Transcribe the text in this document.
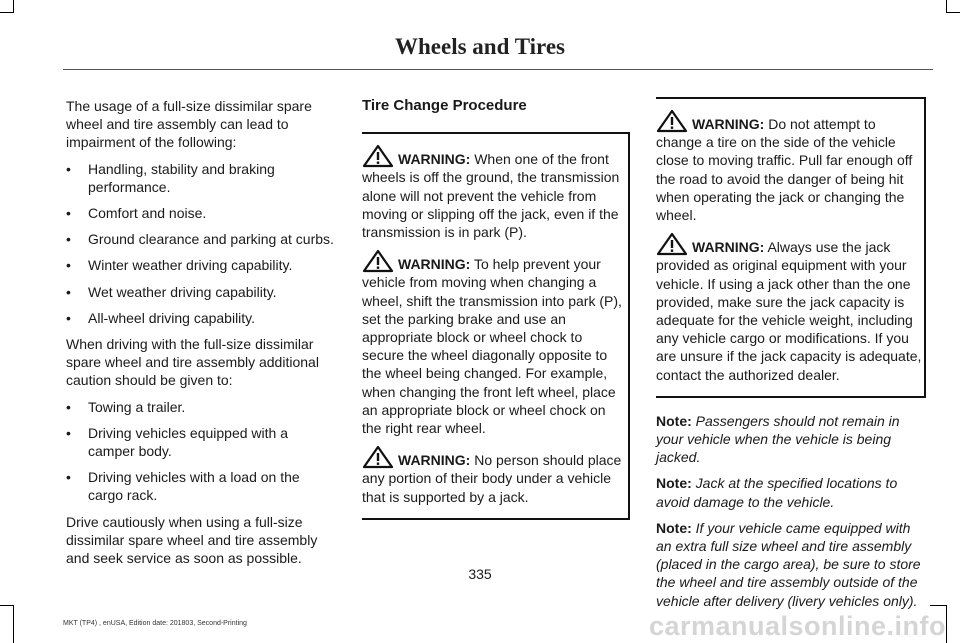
Wheels and Tires

The usage of a full-size dissimilar spare wheel and tire assembly can lead to impairment of the following:

• Handling, stability and braking performance.
• Comfort and noise.
• Ground clearance and parking at curbs.
• Winter weather driving capability.
• Wet weather driving capability.
• All-wheel driving capability.

When driving with the full-size dissimilar spare wheel and tire assembly additional caution should be given to:

• Towing a trailer.
• Driving vehicles equipped with a camper body.
• Driving vehicles with a load on the cargo rack.

Drive cautiously when using a full-size dissimilar spare wheel and tire assembly and seek service as soon as possible.

Tire Change Procedure

WARNING: When one of the front wheels is off the ground, the transmission alone will not prevent the vehicle from moving or slipping off the jack, even if the transmission is in park (P).

WARNING: To help prevent your vehicle from moving when changing a wheel, shift the transmission into park (P), set the parking brake and use an appropriate block or wheel chock to secure the wheel diagonally opposite to the wheel being changed. For example, when changing the front left wheel, place an appropriate block or wheel chock on the right rear wheel.

WARNING: No person should place any portion of their body under a vehicle that is supported by a jack.

WARNING: Do not attempt to change a tire on the side of the vehicle close to moving traffic. Pull far enough off the road to avoid the danger of being hit when operating the jack or changing the wheel.

WARNING: Always use the jack provided as original equipment with your vehicle. If using a jack other than the one provided, make sure the jack capacity is adequate for the vehicle weight, including any vehicle cargo or modifications. If you are unsure if the jack capacity is adequate, contact the authorized dealer.

Note: Passengers should not remain in your vehicle when the vehicle is being jacked.

Note: Jack at the specified locations to avoid damage to the vehicle.

Note: If your vehicle came equipped with an extra full size wheel and tire assembly (placed in the cargo area), be sure to store the wheel and tire assembly outside of the vehicle after delivery (livery vehicles only).

335
MKT (TP4) , enUSA, Edition date: 201803, Second-Printing	carmanualsonline.info
